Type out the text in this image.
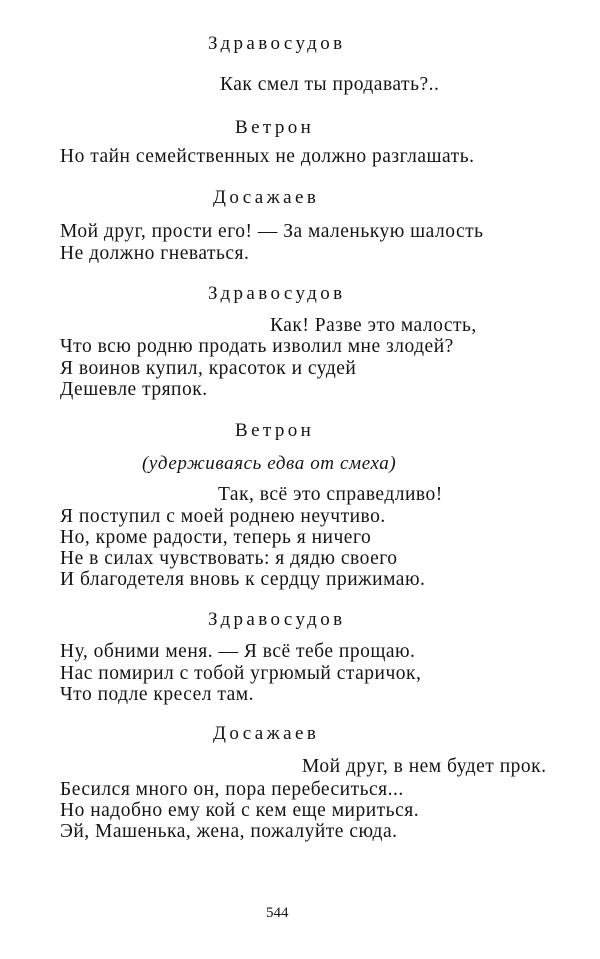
Здравосудов
Как смел ты продавать?..
Ветрон
Но тайн семейственных не должно разглашать.
Досажаев
Мой друг, прости его! — За маленькую шалость
Не должно гневаться.
Здравосудов
Как! Разве это малость,
Что всю родню продать изволил мне злодей?
Я воинов купил, красоток и судей
Дешевле тряпок.
Ветрон
(удерживаясь едва от смеха)
Так, всё это справедливо!
Я поступил с моей роднею неучтиво.
Но, кроме радости, теперь я ничего
Не в силах чувствовать: я дядю своего
И благодетеля вновь к сердцу прижимаю.
Здравосудов
Ну, обними меня. — Я всё тебе прощаю.
Нас помирил с тобой угрюмый старичок,
Что подле кресел там.
Досажаев
Мой друг, в нем будет прок.
Бесился много он, пора перебеситься...
Но надобно ему кой с кем еще мириться.
Эй, Машенька, жена, пожалуйте сюда.
544
